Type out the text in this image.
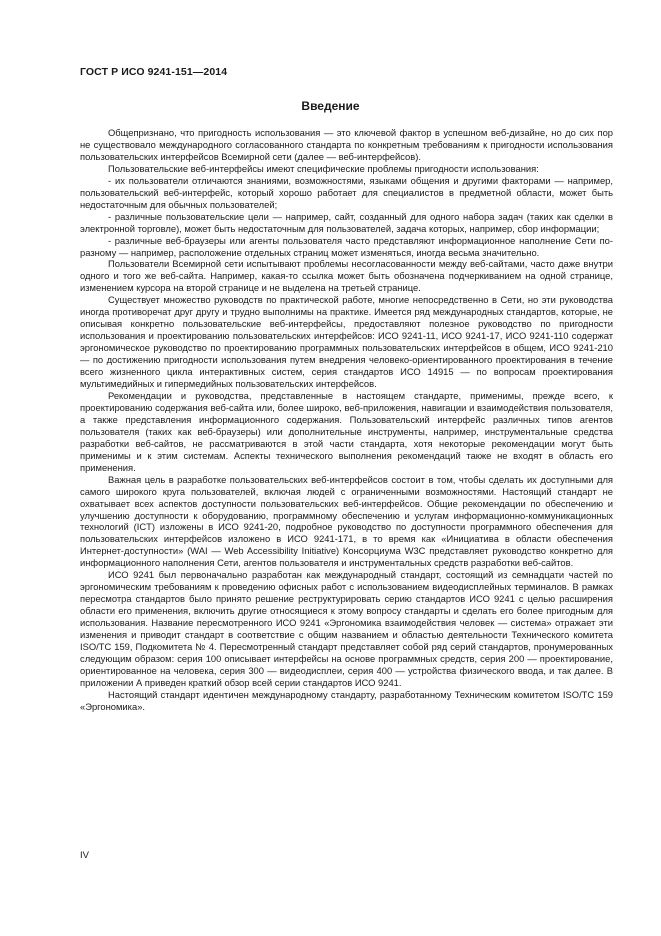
ГОСТ Р ИСО 9241-151—2014
Введение

Общепризнано, что пригодность использования — это ключевой фактор в успешном веб-дизайне, но до сих пор не существовало международного согласованного стандарта по конкретным требованиям к пригодности использования пользовательских интерфейсов Всемирной сети (далее — веб-интерфейсов).

Пользовательские веб-интерфейсы имеют специфические проблемы пригодности использования:

- их пользователи отличаются знаниями, возможностями, языками общения и другими факторами — например, пользовательский веб-интерфейс, который хорошо работает для специалистов в предметной области, может быть недостаточным для обычных пользователей;

- различные пользовательские цели — например, сайт, созданный для одного набора задач (таких как сделки в электронной торговле), может быть недостаточным для пользователей, задача которых, например, сбор информации;

- различные веб-браузеры или агенты пользователя часто представляют информационное наполнение Сети по-разному — например, расположение отдельных страниц может изменяться, иногда весьма значительно.

Пользователи Всемирной сети испытывают проблемы несогласованности между веб-сайтами, часто даже внутри одного и того же веб-сайта. Например, какая-то ссылка может быть обозначена подчеркиванием на одной странице, изменением курсора на второй странице и не выделена на третьей странице.

Существует множество руководств по практической работе, многие непосредственно в Сети, но эти руководства иногда противоречат друг другу и трудно выполнимы на практике. Имеется ряд международных стандартов, которые, не описывая конкретно пользовательские веб-интерфейсы, предоставляют полезное руководство по пригодности использования и проектированию пользовательских интерфейсов: ИСО 9241-11, ИСО 9241-17, ИСО 9241-110 содержат эргономическое руководство по проектированию программных пользовательских интерфейсов в общем, ИСО 9241-210 — по достижению пригодности использования путем внедрения человеко-ориентированного проектирования в течение всего жизненного цикла интерактивных систем, серия стандартов ИСО 14915 — по вопросам проектирования мультимедийных и гипермедийных пользовательских интерфейсов.

Рекомендации и руководства, представленные в настоящем стандарте, применимы, прежде всего, к проектированию содержания веб-сайта или, более широко, веб-приложения, навигации и взаимодействия пользователя, а также представления информационного содержания. Пользовательский интерфейс различных типов агентов пользователя (таких как веб-браузеры) или дополнительные инструменты, например, инструментальные средства разработки веб-сайтов, не рассматриваются в этой части стандарта, хотя некоторые рекомендации могут быть применимы и к этим системам. Аспекты технического выполнения рекомендаций также не входят в область его применения.

Важная цель в разработке пользовательских веб-интерфейсов состоит в том, чтобы сделать их доступными для самого широкого круга пользователей, включая людей с ограниченными возможностями. Настоящий стандарт не охватывает всех аспектов доступности пользовательских веб-интерфейсов. Общие рекомендации по обеспечению и улучшению доступности к оборудованию, программному обеспечению и услугам информационно-коммуникационных технологий (ICT) изложены в ИСО 9241-20, подробное руководство по доступности программного обеспечения для пользовательских интерфейсов изложено в ИСО 9241-171, в то время как «Инициатива в области обеспечения Интернет-доступности» (WAI — Web Accessibility Initiative) Консорциума W3C представляет руководство конкретно для информационного наполнения Сети, агентов пользователя и инструментальных средств разработки веб-сайтов.

ИСО 9241 был первоначально разработан как международный стандарт, состоящий из семнадцати частей по эргономическим требованиям к проведению офисных работ с использованием видеодисплейных терминалов. В рамках пересмотра стандартов было принято решение реструктурировать серию стандартов ИСО 9241 с целью расширения области его применения, включить другие относящиеся к этому вопросу стандарты и сделать его более пригодным для использования. Название пересмотренного ИСО 9241 «Эргономика взаимодействия человек — система» отражает эти изменения и приводит стандарт в соответствие с общим названием и областью деятельности Технического комитета ISO/TC 159, Подкомитета № 4. Пересмотренный стандарт представляет собой ряд серий стандартов, пронумерованных следующим образом: серия 100 описывает интерфейсы на основе программных средств, серия 200 — проектирование, ориентированное на человека, серия 300 — видеодисплеи, серия 400 — устройства физического ввода, и так далее. В приложении А приведен краткий обзор всей серии стандартов ИСО 9241.

Настоящий стандарт идентичен международному стандарту, разработанному Техническим комитетом ISO/TC 159 «Эргономика».

IV
